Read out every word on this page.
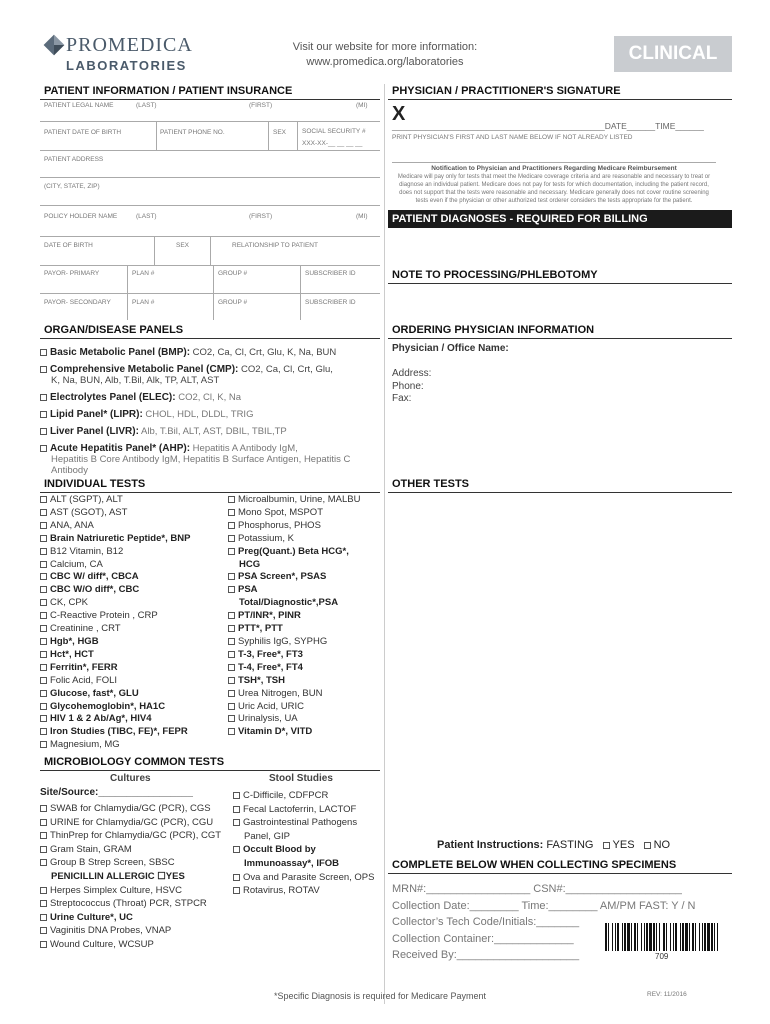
PROMEDICA
LABORATORIES
Visit our website for more information:
www.promedica.org/laboratories	CLINICAL
PATIENT INFORMATION / PATIENT INSURANCE
PATIENT LEGAL NAME	(LAST)	(FIRST)	(MI)
PATIENT DATE OF BIRTH	PATIENT PHONE NO.	SEX SOCIAL SECURITY #
XXX-XX-__ __ __ __
PATIENT ADDRESS
(CITY, STATE, ZIP)
POLICY HOLDER NAME	(LAST)	(FIRST)	(MI)
DATE OF BIRTH	SEX	RELATIONSHIP TO PATIENT
PAYOR- PRIMARY	PLAN #	GROUP #	SUBSCRIBER ID
PAYOR- SECONDARY	PLAN #	GROUP #	SUBSCRIBER ID
PHYSICIAN / PRACTITIONER'S SIGNATURE
X
_____________________________________________DATE______TIME______
PRINT PHYSICIAN'S FIRST AND LAST NAME BELOW IF NOT ALREADY LISTED
Notification to Physician and Practitioners Regarding Medicare Reimbursement
Medicare will pay only for tests that meet the Medicare coverage criteria and are reasonable and necessary to treat or diagnose an individual patient. Medicare does not pay for tests for which documentation, including the patient record, does not support that the tests were reasonable and necessary. Medicare generally does not cover routine screening tests even if the physician or other authorized test orderer considers the tests appropriate for the patient.
PATIENT DIAGNOSES - REQUIRED FOR BILLING
NOTE TO PROCESSING/PHLEBOTOMY
ORGAN/DISEASE PANELS
Basic Metabolic Panel (BMP): CO2, Ca, Cl, Crt, Glu, K, Na, BUN
Comprehensive Metabolic Panel (CMP): CO2, Ca, Cl, Crt, Glu,
K, Na, BUN, Alb, T.Bil, Alk, TP, ALT, AST
Electrolytes Panel (ELEC): CO2, Cl, K, Na
Lipid Panel* (LIPR): CHOL, HDL, DLDL, TRIG
Liver Panel (LIVR): Alb, T.Bil, ALT, AST, DBIL, TBIL,TP
Acute Hepatitis Panel* (AHP): Hepatitis A Antibody IgM,
Hepatitis B Core Antibody IgM, Hepatitis B Surface Antigen, Hepatitis C
Antibody
ORDERING PHYSICIAN INFORMATION
Physician / Office Name:
Address:
Phone:
Fax:
INDIVIDUAL TESTS
ALT (SGPT), ALT
AST (SGOT), AST
ANA, ANA
Brain Natriuretic Peptide*, BNP
B12 Vitamin, B12
Calcium, CA
CBC W/ diff*, CBCA
CBC W/O diff*, CBC
CK, CPK
C-Reactive Protein , CRP
Creatinine , CRT
Hgb*, HGB
Hct*, HCT
Ferritin*, FERR
Folic Acid, FOLI
Glucose, fast*, GLU
Glycohemoglobin*, HA1C
HIV 1 & 2 Ab/Ag*, HIV4
Iron Studies (TIBC, FE)*, FEPR
Magnesium, MG
Microalbumin, Urine, MALBU
Mono Spot, MSPOT
Phosphorus, PHOS
Potassium, K
Preg(Quant.) Beta HCG*,
HCG
PSA Screen*, PSAS
PSA
Total/Diagnostic*,PSA
PT/INR*, PINR
PTT*, PTT
Syphilis IgG, SYPHG
T-3, Free*, FT3
T-4, Free*, FT4
TSH*, TSH
Urea Nitrogen, BUN
Uric Acid, URIC
Urinalysis, UA
Vitamin D*, VITD
OTHER TESTS
MICROBIOLOGY COMMON TESTS
Cultures	Stool Studies
Site/Source:_________________
SWAB for Chlamydia/GC (PCR), CGS
URINE for Chlamydia/GC (PCR), CGU
ThinPrep for Chlamydia/GC (PCR), CGT
Gram Stain, GRAM
Group B Strep Screen, SBSC
PENICILLIN ALLERGIC ☐YES
Herpes Simplex Culture, HSVC
Streptococcus (Throat) PCR, STPCR
Urine Culture*, UC
Vaginitis DNA Probes, VNAP
Wound Culture, WCSUP
C-Difficile, CDFPCR
Fecal Lactoferrin, LACTOF
Gastrointestinal Pathogens
Panel, GIP
Occult Blood by
Immunoassay*, IFOB
Ova and Parasite Screen, OPS
Rotavirus, ROTAV
Patient Instructions: FASTING YES NO
COMPLETE BELOW WHEN COLLECTING SPECIMENS
MRN#:_________________ CSN#:___________________
Collection Date:________ Time:________ AM/PM FAST: Y / N
Collector’s Tech Code/Initials:_______
Collection Container:_____________
Received By:____________________	709
*Specific Diagnosis is required for Medicare Payment	REV: 11/2016
